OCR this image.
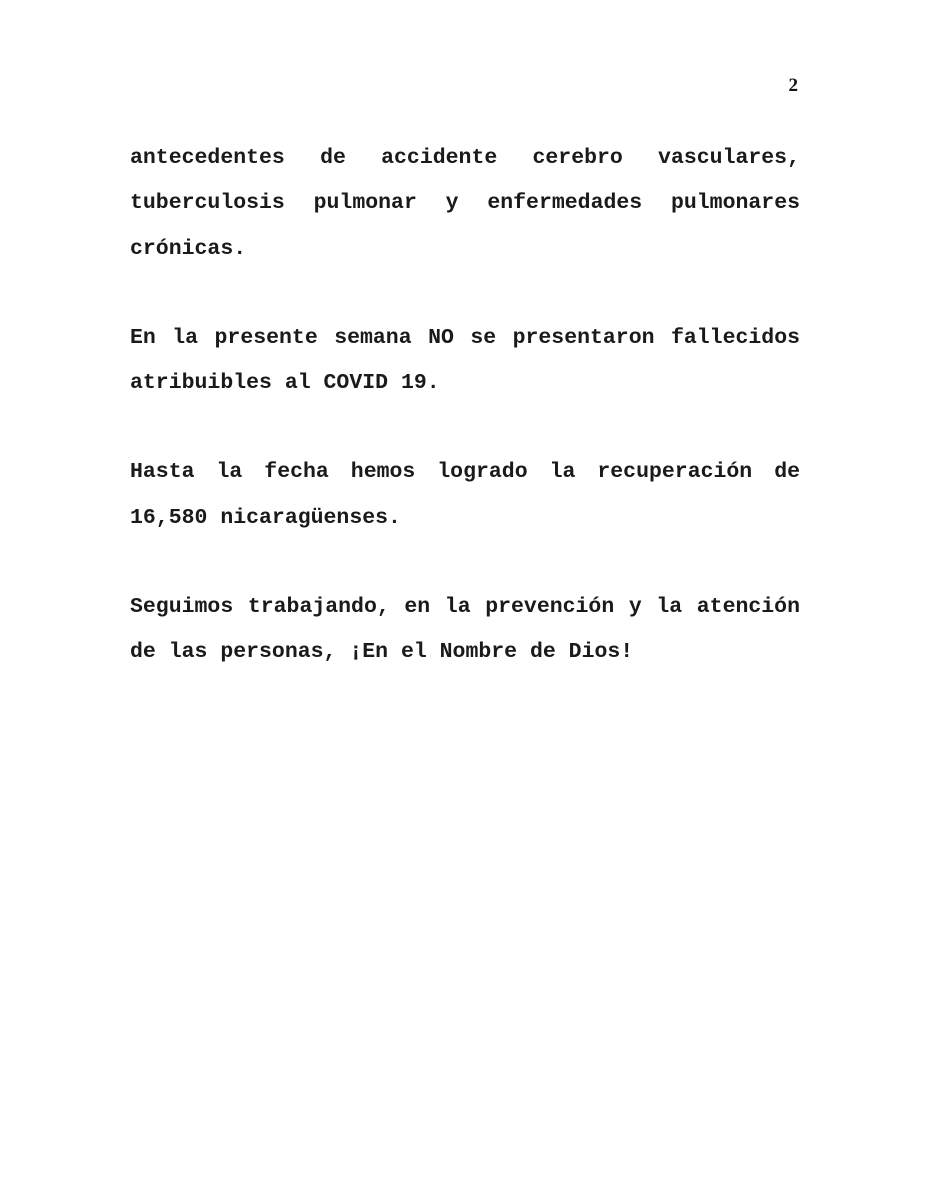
2

antecedentes de accidente cerebro vasculares, tuberculosis pulmonar y enfermedades pulmonares crónicas.

En la presente semana NO se presentaron fallecidos atribuibles al COVID 19.

Hasta la fecha hemos logrado la recuperación de 16,580 nicaragüenses.

Seguimos trabajando, en la prevención y la atención de las personas, ¡En el Nombre de Dios!
